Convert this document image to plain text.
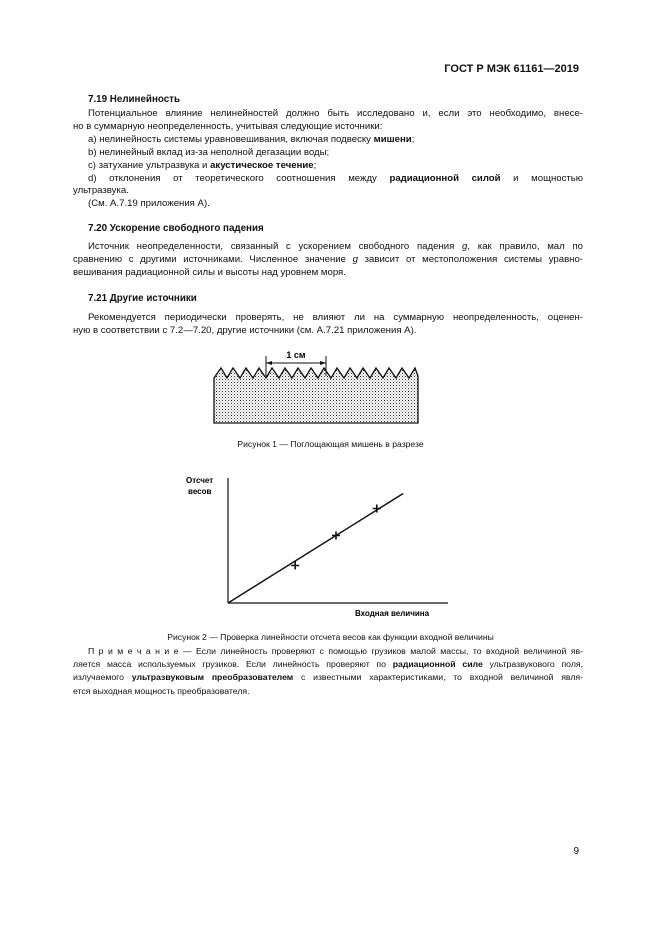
ГОСТ Р МЭК 61161—2019
7.19 Нелинейность
Потенциальное влияние нелинейностей должно быть исследовано и, если это необходимо, внесе-
но в суммарную неопределенность, учитывая следующие источники:
а) нелинейность системы уравновешивания, включая подвеску мишени;
b) нелинейный вклад из-за неполной дегазации воды;
с) затухание ультразвука и акустическое течение;
d) отклонения от теоретического соотношения между радиационной силой и мощностью
ультразвука.
(См. А.7.19 приложения А).
7.20 Ускорение свободного падения
Источник неопределенности, связанный с ускорением свободного падения g, как правило, мал по
сравнению с другими источниками. Численное значение g зависит от местоположения системы уравно-
вешивания радиационной силы и высоты над уровнем моря.
7.21 Другие источники
Рекомендуется периодически проверять, не влияют ли на суммарную неопределенность, оценен-
ную в соответствии с 7.2—7.20, другие источники (см. А.7.21 приложения А).
1 см
Рисунок 1 — Поглощающая мишень в разрезе
Отсчет
весов
Входная величина
Рисунок 2 — Проверка линейности отсчета весов как функции входной величины
П р и м е ч а н и е — Если линейность проверяют с помощью грузиков малой массы, то входной величиной яв-
ляется масса используемых грузиков. Если линейность проверяют по радиационной силе ультразвукового поля,
излучаемого ультразвуковым преобразователем с известными характеристиками, то входной величиной явля-
ется выходная мощность преобразователя.
9
